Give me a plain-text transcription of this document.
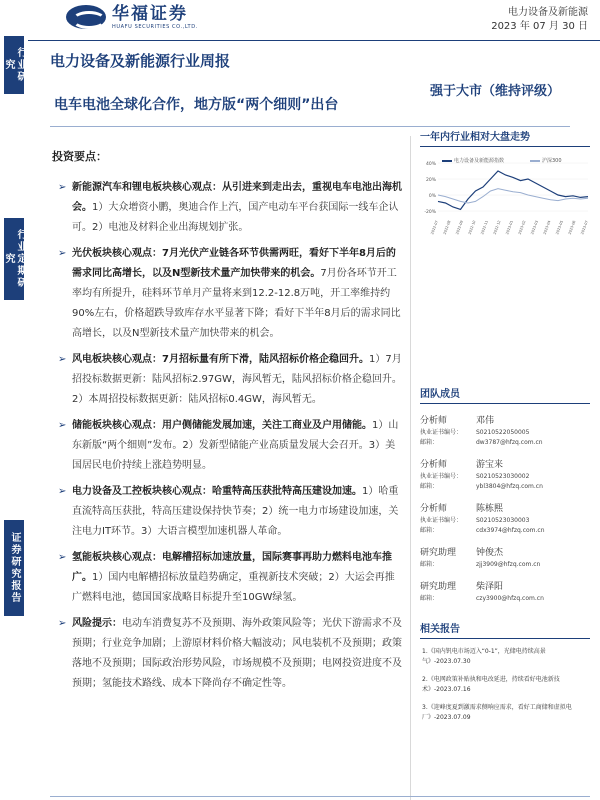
行业研究
行业定期研究
证券研究报告
华福证券
HUAFU SECURITIES CO.,LTD.
电力设备及新能源
2023 年 07 月 30 日
电力设备及新能源行业周报
电车电池全球化合作，地方版“两个细则”出台
强于大市（维持评级）
投资要点：
➢ 新能源汽车和锂电板块核心观点：从引进来到走出去，重视电车电池出海机会。1）大众增资小鹏，奥迪合作上汽，国产电动车平台获国际一线车企认可。2）电池及材料企业出海规划扩张。
➢ 光伏板块核心观点：7月光伏产业链各环节供需两旺，看好下半年8月后的需求同比高增长，以及N型新技术量产加快带来的机会。7月份各环节开工率均有所提升，硅料环节单月产量将来到12.2-12.8万吨，开工率维持约90%左右，价格超跌导致库存水平显著下降；看好下半年8月后的需求同比高增长，以及N型新技术量产加快带来的机会。
➢ 风电板块核心观点：7月招标量有所下滑，陆风招标价格企稳回升。1）7月招投标数据更新：陆风招标2.97GW，海风暂无，陆风招标价格企稳回升。2）本周招投标数据更新：陆风招标0.4GW，海风暂无。
➢ 储能板块核心观点：用户侧储能发展加速，关注工商业及户用储能。1）山东新版“两个细则”发布。2）发新型储能产业高质量发展大会召开。3）美国居民电价持续上涨趋势明显。
➢ 电力设备及工控板块核心观点：哈重特高压获批特高压建设加速。1）哈重直流特高压获批，特高压建设保持快节奏；2）统一电力市场建设加速，关注电力IT环节。3）大语言模型加速机器人革命。
➢ 氢能板块核心观点：电解槽招标加速放量，国际赛事再助力燃料电池车推广。1）国内电解槽招标放量趋势确定，重视新技术突破；2）大运会再推广燃料电池，德国国家战略目标提升至10GW绿氢。
➢ 风险提示：电动车消费复苏不及预期、海外政策风险等；光伏下游需求不及预期；行业竞争加剧；上游原材料价格大幅波动；风电装机不及预期；政策落地不及预期；国际政治形势风险，市场规模不及预期；电网投资进度不及预期；氢能技术路线、成本下降尚存不确定性等。
一年内行业相对大盘走势
电力设备及新能源指数	沪深300
40%
20%
0%
-20%
2022-07 2022-08 2022-09 2022-10 2022-11 2022-12 2023-01 2023-02 2023-03 2023-04 2023-05 2023-06 2023-07
团队成员
分析师	邓伟
执业证书编号： S0210522050005
邮箱：	dw3787@hfzq.com.cn
分析师	游宝来
执业证书编号： S0210523030002
邮箱：	ybl3804@hfzq.com.cn
分析师	陈栋熙
执业证书编号： S0210523030003
邮箱：	cdx3974@hfzq.com.cn
研究助理	钟俊杰
邮箱：	zjj3909@hfzq.com.cn
研究助理	柴泽阳
邮箱：	czy3900@hfzq.com.cn
相关报告
1.《国内钒电市场迈入“0-1”，光储电持续高景气》-2023.07.30
2.《电网政策补贴执和电改延进，持续看好电池新技术》-2023.07.16
3.《迎峰度夏到激需求侧响应需求，看好工商储和虚拟电厂》-2023.07.09
